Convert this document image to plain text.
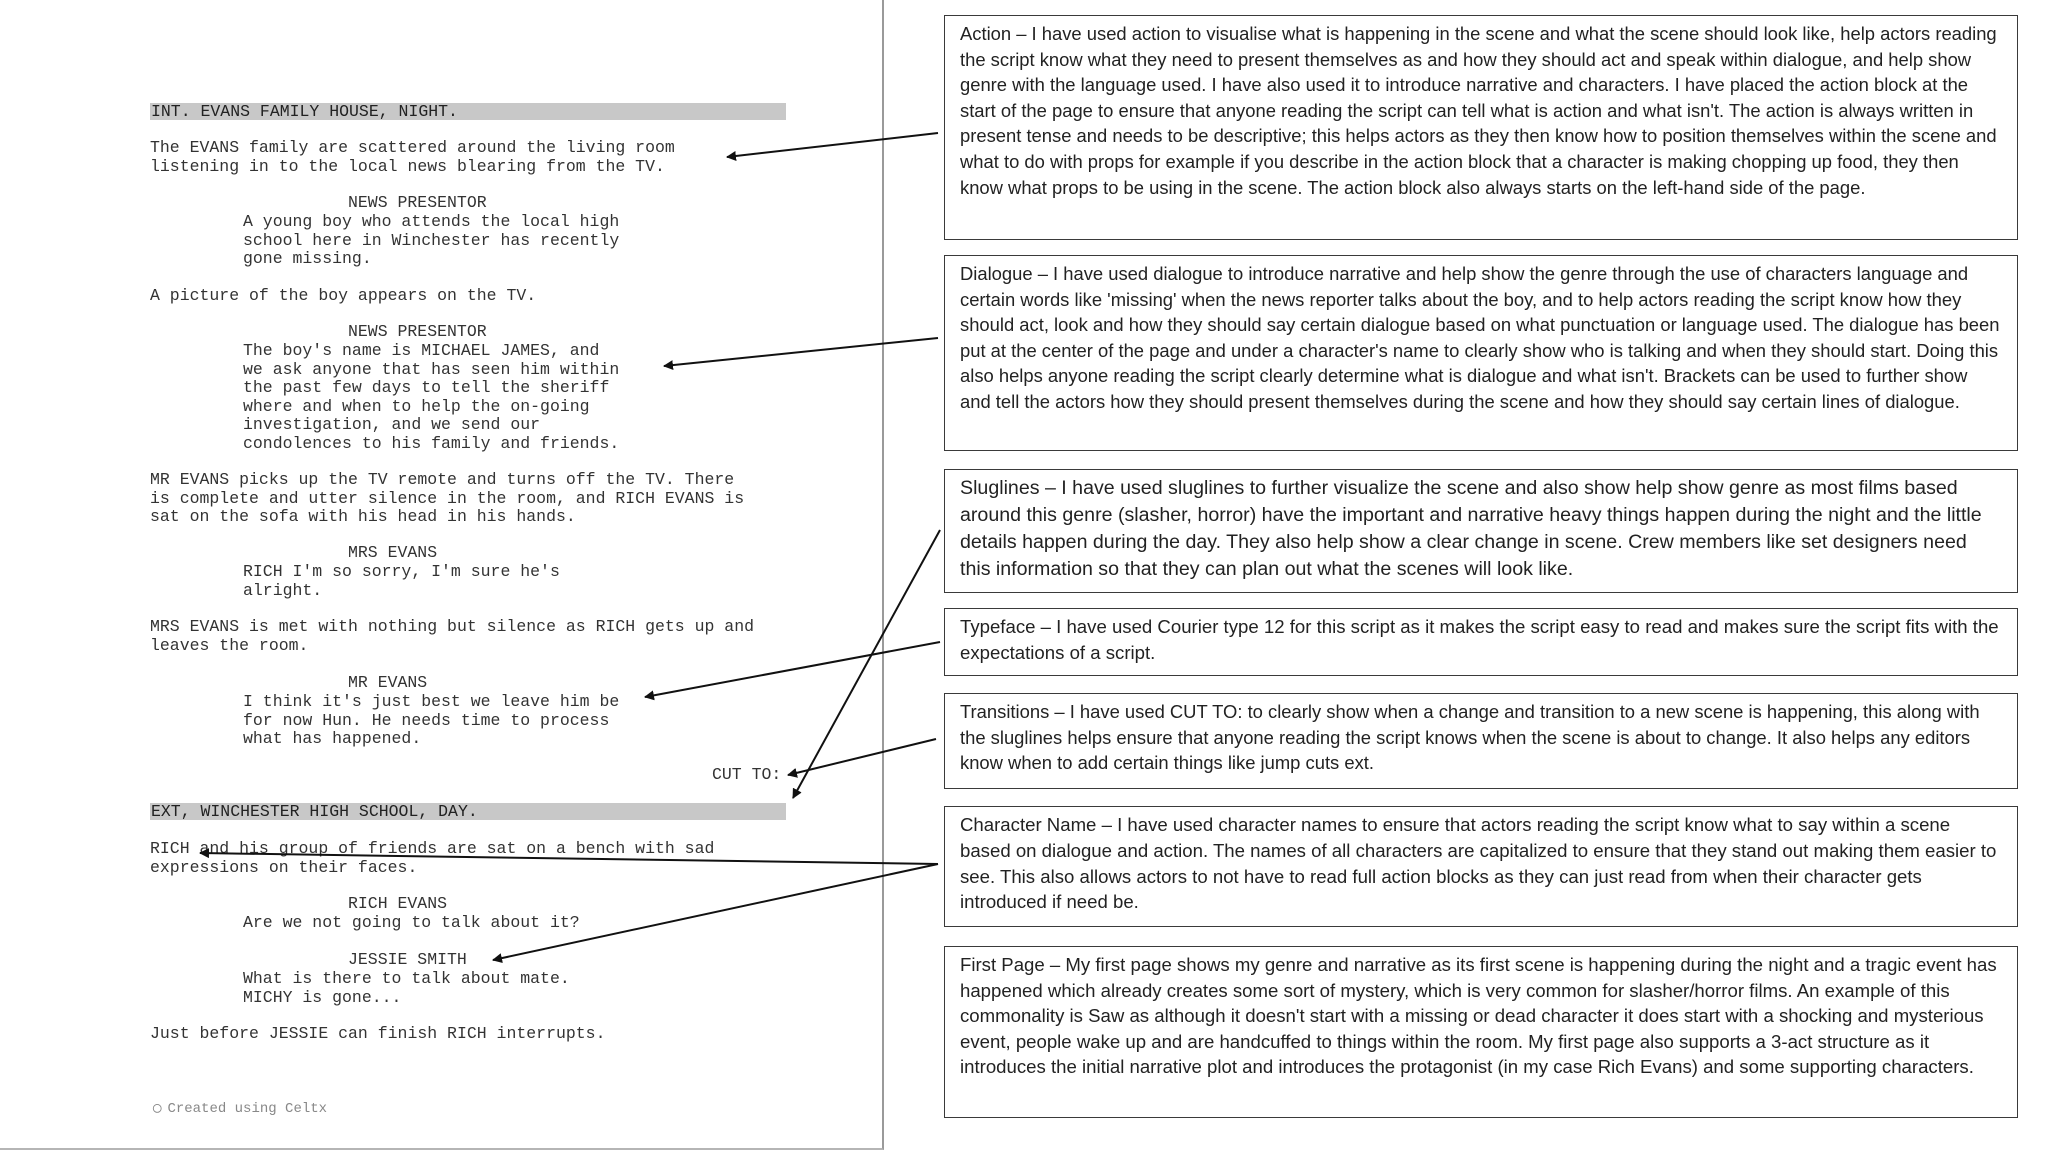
INT. EVANS FAMILY HOUSE, NIGHT.
The EVANS family are scattered around the living room
listening in to the local news blearing from the TV.
NEWS PRESENTOR
A young boy who attends the local high
school here in Winchester has recently
gone missing.
A picture of the boy appears on the TV.
NEWS PRESENTOR
The boy's name is MICHAEL JAMES, and
we ask anyone that has seen him within
the past few days to tell the sheriff
where and when to help the on-going
investigation, and we send our
condolences to his family and friends.
MR EVANS picks up the TV remote and turns off the TV. There
is complete and utter silence in the room, and RICH EVANS is
sat on the sofa with his head in his hands.
MRS EVANS
RICH I'm so sorry, I'm sure he's
alright.
MRS EVANS is met with nothing but silence as RICH gets up and
leaves the room.
MR EVANS
I think it's just best we leave him be
for now Hun. He needs time to process
what has happened.
CUT TO:
EXT, WINCHESTER HIGH SCHOOL, DAY.
RICH and his group of friends are sat on a bench with sad
expressions on their faces.
RICH EVANS
Are we not going to talk about it?
JESSIE SMITH
What is there to talk about mate.
MICHY is gone...
Just before JESSIE can finish RICH interrupts.
◯ Created using Celtx

Action – I have used action to visualise what is happening in the scene and what the scene should look like, help actors reading the script know what they need to present themselves as and how they should act and speak within dialogue, and help show genre with the language used. I have also used it to introduce narrative and characters. I have placed the action block at the start of the page to ensure that anyone reading the script can tell what is action and what isn't. The action is always written in present tense and needs to be descriptive; this helps actors as they then know how to position themselves within the scene and what to do with props for example if you describe in the action block that a character is making chopping up food, they then know what props to be using in the scene. The action block also always starts on the left-hand side of the page.

Dialogue – I have used dialogue to introduce narrative and help show the genre through the use of characters language and certain words like 'missing' when the news reporter talks about the boy, and to help actors reading the script know how they should act, look and how they should say certain dialogue based on what punctuation or language used. The dialogue has been put at the center of the page and under a character's name to clearly show who is talking and when they should start. Doing this also helps anyone reading the script clearly determine what is dialogue and what isn't. Brackets can be used to further show and tell the actors how they should present themselves during the scene and how they should say certain lines of dialogue.

Sluglines – I have used sluglines to further visualize the scene and also show help show genre as most films based around this genre (slasher, horror) have the important and narrative heavy things happen during the night and the little details happen during the day. They also help show a clear change in scene. Crew members like set designers need this information so that they can plan out what the scenes will look like.

Typeface – I have used Courier type 12 for this script as it makes the script easy to read and makes sure the script fits with the expectations of a script.

Transitions – I have used CUT TO: to clearly show when a change and transition to a new scene is happening, this along with the sluglines helps ensure that anyone reading the script knows when the scene is about to change. It also helps any editors know when to add certain things like jump cuts ext.

Character Name – I have used character names to ensure that actors reading the script know what to say within a scene based on dialogue and action. The names of all characters are capitalized to ensure that they stand out making them easier to see. This also allows actors to not have to read full action blocks as they can just read from when their character gets introduced if need be.

First Page – My first page shows my genre and narrative as its first scene is happening during the night and a tragic event has happened which already creates some sort of mystery, which is very common for slasher/horror films. An example of this commonality is Saw as although it doesn't start with a missing or dead character it does start with a shocking and mysterious event, people wake up and are handcuffed to things within the room. My first page also supports a 3-act structure as it introduces the initial narrative plot and introduces the protagonist (in my case Rich Evans) and some supporting characters.
